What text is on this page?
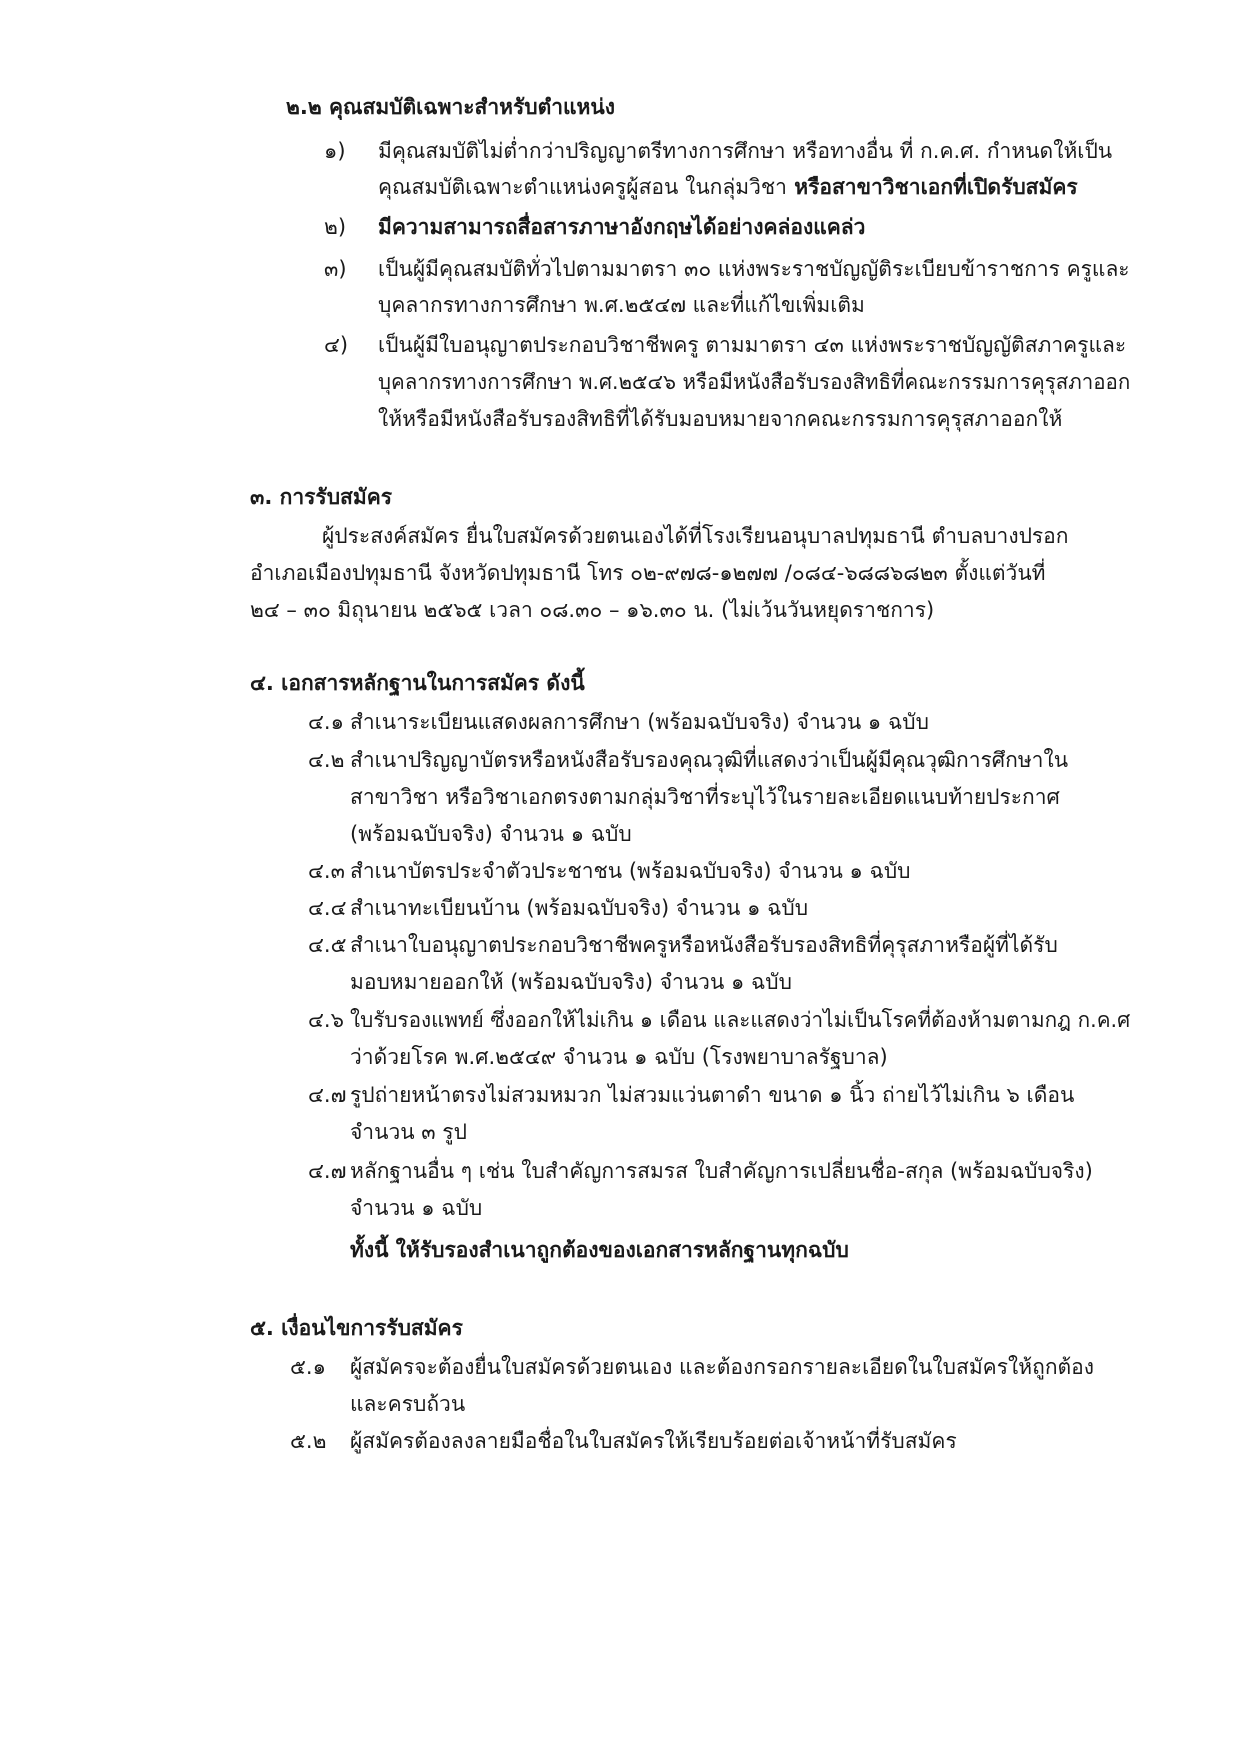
๒.๒ คุณสมบัติเฉพาะสำหรับตำแหน่ง
๑) มีคุณสมบัติไม่ต่ำกว่าปริญญาตรีทางการศึกษา หรือทางอื่น ที่ ก.ค.ศ. กำหนดให้เป็น
คุณสมบัติเฉพาะตำแหน่งครูผู้สอน ในกลุ่มวิชา หรือสาขาวิชาเอกที่เปิดรับสมัคร
๒) มีความสามารถสื่อสารภาษาอังกฤษได้อย่างคล่องแคล่ว
๓) เป็นผู้มีคุณสมบัติทั่วไปตามมาตรา ๓๐ แห่งพระราชบัญญัติระเบียบข้าราชการ ครูและ
บุคลากรทางการศึกษา พ.ศ.๒๕๔๗ และที่แก้ไขเพิ่มเติม
๔) เป็นผู้มีใบอนุญาตประกอบวิชาชีพครู ตามมาตรา ๔๓ แห่งพระราชบัญญัติสภาครูและ
บุคลากรทางการศึกษา พ.ศ.๒๕๔๖ หรือมีหนังสือรับรองสิทธิที่คณะกรรมการคุรุสภาออก
ให้หรือมีหนังสือรับรองสิทธิที่ได้รับมอบหมายจากคณะกรรมการคุรุสภาออกให้
๓. การรับสมัคร
ผู้ประสงค์สมัคร ยื่นใบสมัครด้วยตนเองได้ที่โรงเรียนอนุบาลปทุมธานี ตำบลบางปรอก
อำเภอเมืองปทุมธานี จังหวัดปทุมธานี โทร ๐๒-๙๗๘-๑๒๗๗ /๐๘๔-๖๘๘๖๘๒๓ ตั้งแต่วันที่
๒๔ – ๓๐ มิถุนายน ๒๕๖๕ เวลา ๐๘.๓๐ – ๑๖.๓๐ น. (ไม่เว้นวันหยุดราชการ)
๔. เอกสารหลักฐานในการสมัคร ดังนี้
๔.๑ สำเนาระเบียนแสดงผลการศึกษา (พร้อมฉบับจริง) จำนวน ๑ ฉบับ
๔.๒ สำเนาปริญญาบัตรหรือหนังสือรับรองคุณวุฒิที่แสดงว่าเป็นผู้มีคุณวุฒิการศึกษาใน
สาขาวิชา หรือวิชาเอกตรงตามกลุ่มวิชาที่ระบุไว้ในรายละเอียดแนบท้ายประกาศ
(พร้อมฉบับจริง) จำนวน ๑ ฉบับ
๔.๓ สำเนาบัตรประจำตัวประชาชน (พร้อมฉบับจริง) จำนวน ๑ ฉบับ
๔.๔ สำเนาทะเบียนบ้าน (พร้อมฉบับจริง) จำนวน ๑ ฉบับ
๔.๕ สำเนาใบอนุญาตประกอบวิชาชีพครูหรือหนังสือรับรองสิทธิที่คุรุสภาหรือผู้ที่ได้รับ
มอบหมายออกให้ (พร้อมฉบับจริง) จำนวน ๑ ฉบับ
๔.๖ ใบรับรองแพทย์ ซึ่งออกให้ไม่เกิน ๑ เดือน และแสดงว่าไม่เป็นโรคที่ต้องห้ามตามกฎ ก.ค.ศ
ว่าด้วยโรค พ.ศ.๒๕๔๙ จำนวน ๑ ฉบับ (โรงพยาบาลรัฐบาล)
๔.๗ รูปถ่ายหน้าตรงไม่สวมหมวก ไม่สวมแว่นตาดำ ขนาด ๑ นิ้ว ถ่ายไว้ไม่เกิน ๖ เดือน
จำนวน ๓ รูป
๔.๗ หลักฐานอื่น ๆ เช่น ใบสำคัญการสมรส ใบสำคัญการเปลี่ยนชื่อ-สกุล (พร้อมฉบับจริง)
จำนวน ๑ ฉบับ
ทั้งนี้ ให้รับรองสำเนาถูกต้องของเอกสารหลักฐานทุกฉบับ
๕. เงื่อนไขการรับสมัคร
๕.๑ ผู้สมัครจะต้องยื่นใบสมัครด้วยตนเอง และต้องกรอกรายละเอียดในใบสมัครให้ถูกต้อง
และครบถ้วน
๕.๒ ผู้สมัครต้องลงลายมือชื่อในใบสมัครให้เรียบร้อยต่อเจ้าหน้าที่รับสมัคร
